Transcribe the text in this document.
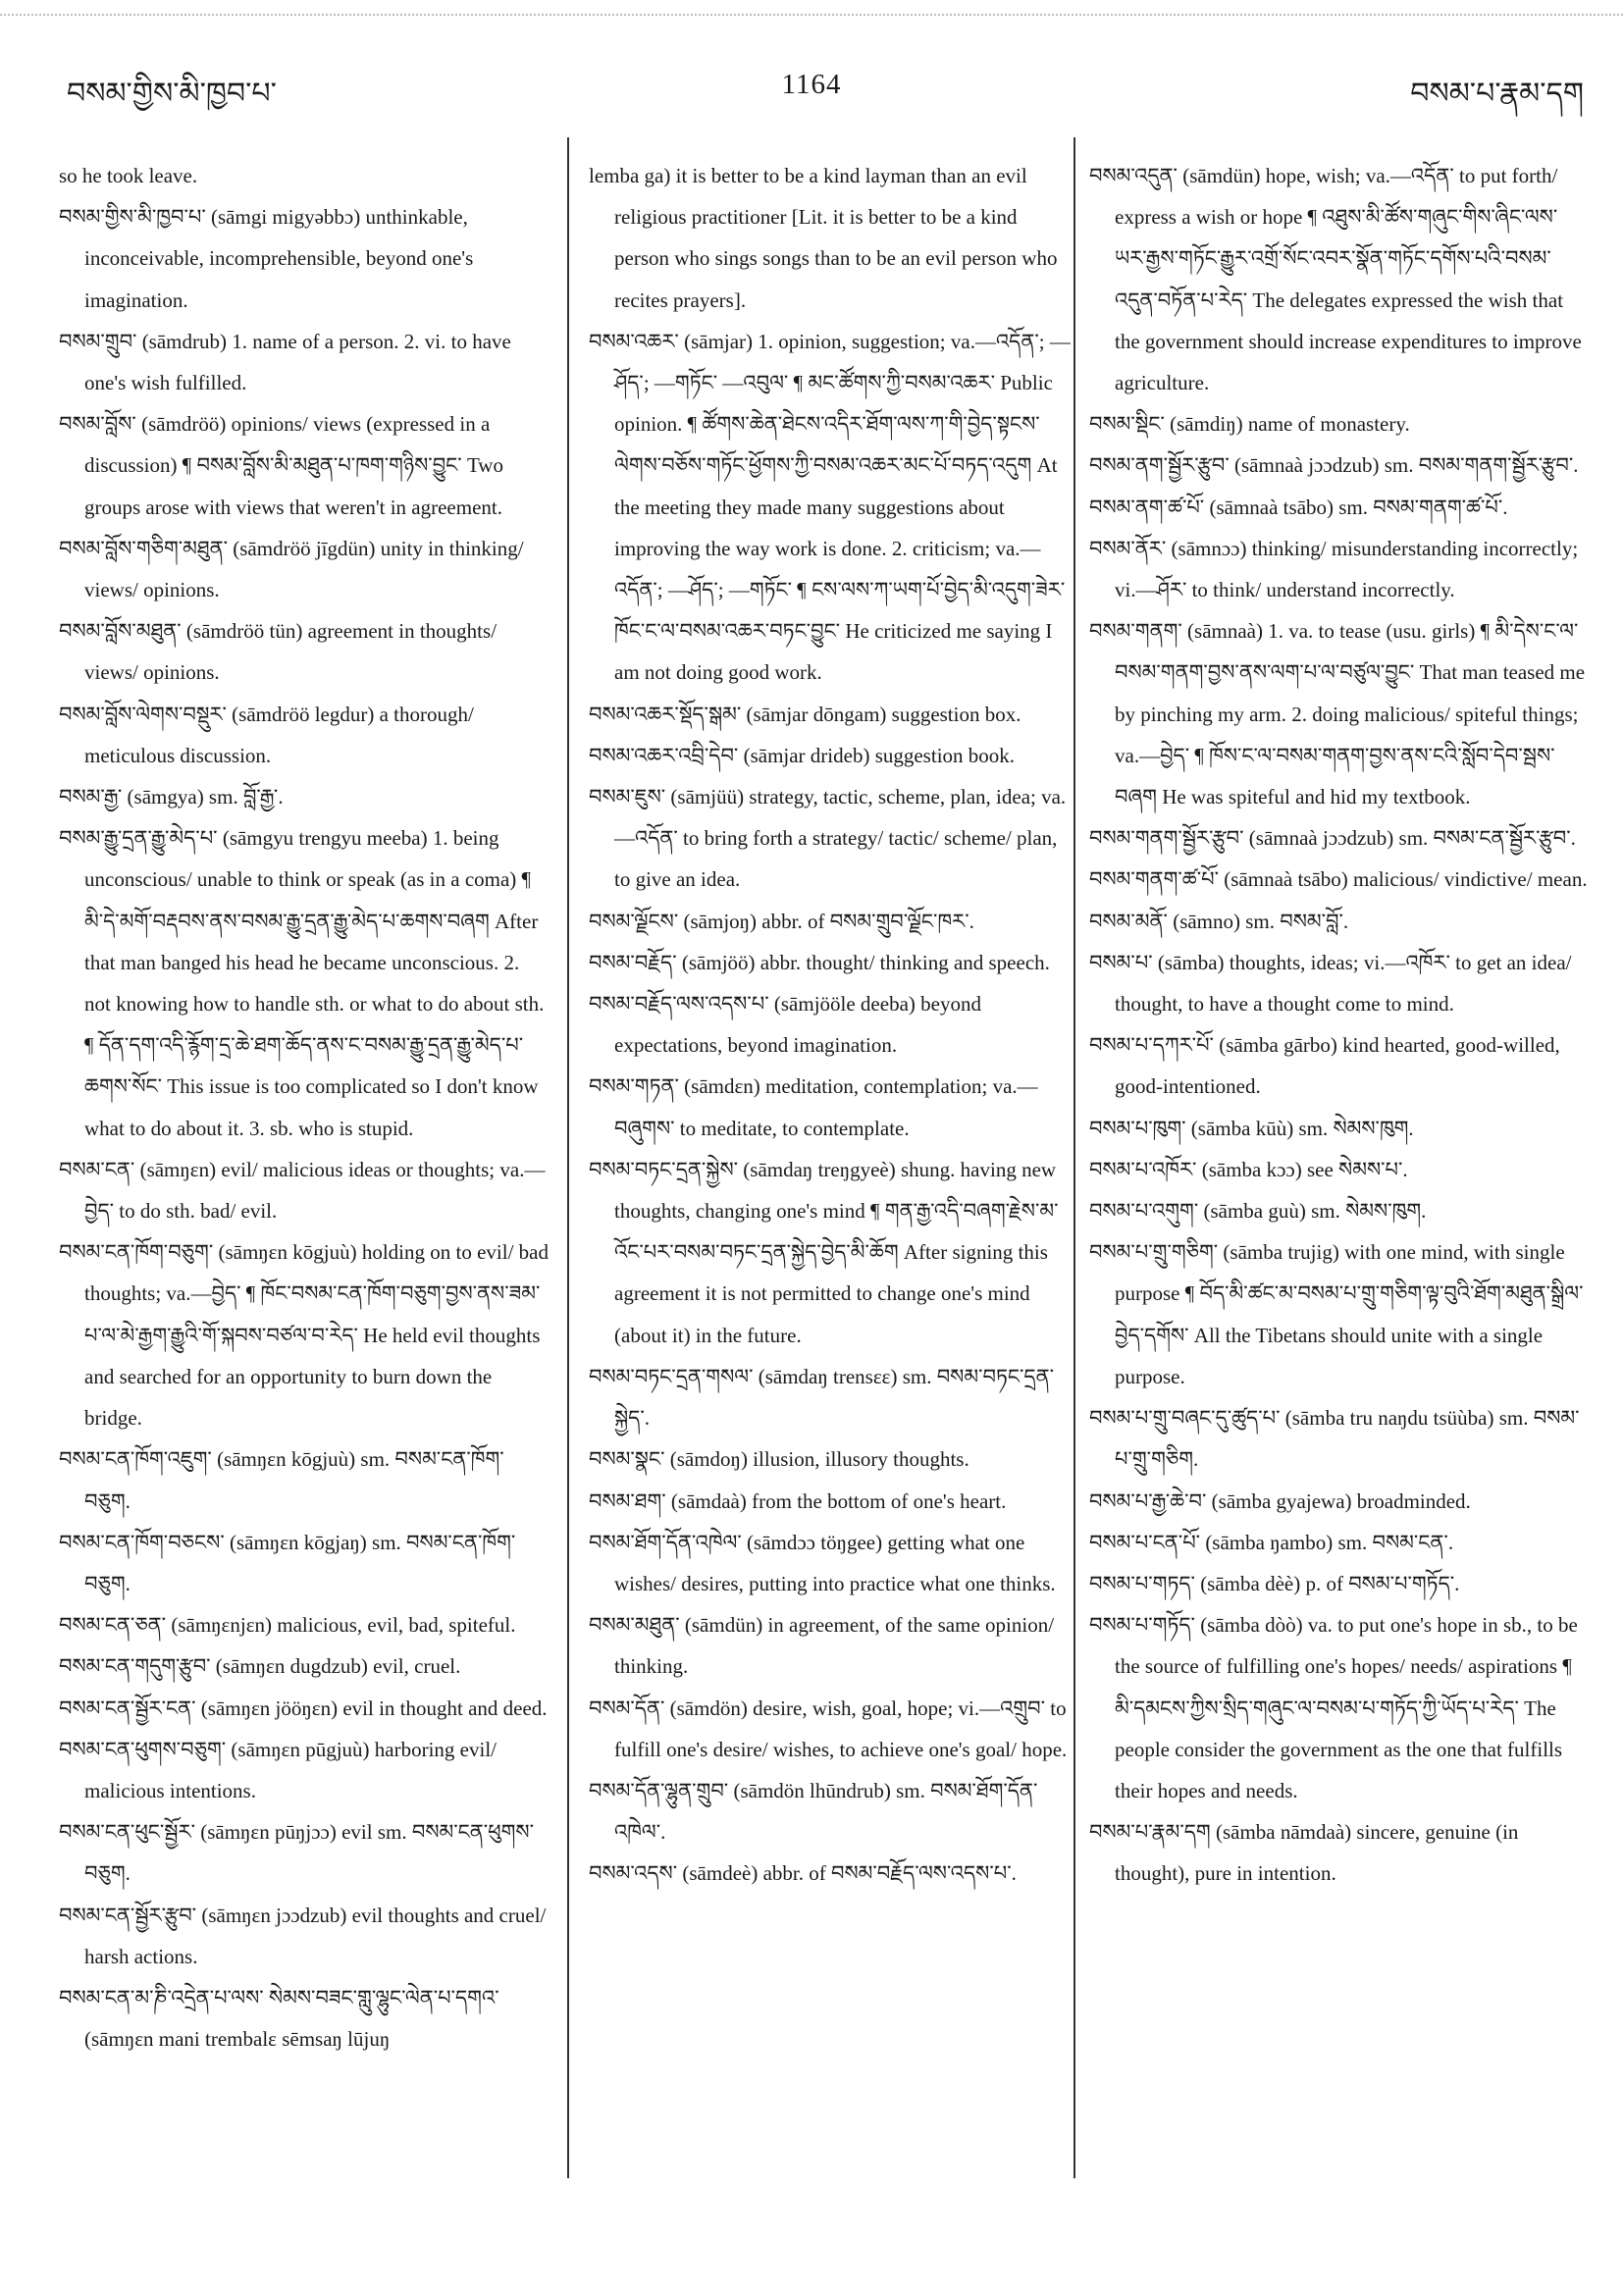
བསམ་གྱིས་མི་ཁྱབ་པ་	1164	བསམ་པ་རྣམ་དག

so he took leave.

བསམ་གྱིས་མི་ཁྱབ་པ་ (sāmgi migyəbbɔ) unthinkable, inconceivable, incomprehensible, beyond one's imagination.

བསམ་གྲུབ་ (sāmdrub) 1. name of a person. 2. vi. to have one's wish fulfilled.

བསམ་བློས་ (sāmdröö) opinions/ views (expressed in a discussion) ¶ བསམ་བློས་མི་མཐུན་པ་ཁག་གཉིས་བྱུང་ Two groups arose with views that weren't in agreement.

བསམ་བློས་གཅིག་མཐུན་ (sāmdröö jīgdün) unity in thinking/ views/ opinions.

བསམ་བློས་མཐུན་ (sāmdröö tün) agreement in thoughts/ views/ opinions.

བསམ་བློས་ལེགས་བསྡུར་ (sāmdröö legdur) a thorough/ meticulous discussion.

བསམ་རྒྱ་ (sāmgya) sm. བློ་རྒྱ་.

བསམ་རྒྱུ་དྲན་རྒྱུ་མེད་པ་ (sāmgyu trengyu meeba) 1. being unconscious/ unable to think or speak (as in a coma) ¶ མི་དེ་མགོ་བརྡབས་ནས་བསམ་རྒྱུ་དྲན་རྒྱུ་མེད་པ་ཆགས་བཞག After that man banged his head he became unconscious. 2. not knowing how to handle sth. or what to do about sth. ¶ དོན་དག་འདི་རྙོག་དྲ་ཆེ་ཐག་ཆོད་ནས་ང་བསམ་རྒྱུ་དྲན་རྒྱུ་མེད་པ་ཆགས་སོང་ This issue is too complicated so I don't know what to do about it. 3. sb. who is stupid.

བསམ་ངན་ (sāmŋɛn) evil/ malicious ideas or thoughts; va.—བྱེད་ to do sth. bad/ evil.

བསམ་ངན་ཁོག་བཅུག་ (sāmŋɛn kōgjuù) holding on to evil/ bad thoughts; va.—བྱེད་ ¶ ཁོང་བསམ་ངན་ཁོག་བཅུག་བྱས་ནས་ཟམ་པ་ལ་མེ་རྒྱག་རྒྱུའི་གོ་སྐབས་བཙལ་བ་རེད་ He held evil thoughts and searched for an opportunity to burn down the bridge.

བསམ་ངན་ཁོག་འཇུག་ (sāmŋɛn kōgjuù) sm. བསམ་ངན་ཁོག་བཅུག.

བསམ་ངན་ཁོག་བཅངས་ (sāmŋɛn kōgjaŋ) sm. བསམ་ངན་ཁོག་བཅུག.

བསམ་ངན་ཅན་ (sāmŋɛnjɛn) malicious, evil, bad, spiteful.

བསམ་ངན་གདུག་རྩུབ་ (sāmŋɛn dugdzub) evil, cruel.

བསམ་ངན་སྦྱོར་ངན་ (sāmŋɛn jööŋɛn) evil in thought and deed.

བསམ་ངན་ཕུགས་བཅུག་ (sāmŋɛn pūgjuù) harboring evil/ malicious intentions.

བསམ་ངན་ཕུང་སྦྱོར་ (sāmŋɛn pūŋjɔɔ) evil sm. བསམ་ངན་ཕུགས་བཅུག.

བསམ་ངན་སྦྱོར་རྩུབ་ (sāmŋɛn jɔɔdzub) evil thoughts and cruel/ harsh actions.

བསམ་ངན་མ་ཎི་འདྲེན་པ་ལས་ སེམས་བཟང་གླུ་ལྷུང་ལེན་པ་དགའ་ (sāmŋɛn mani trembalɛ sēmsaŋ lūjuŋ

lemba ga) it is better to be a kind layman than an evil religious practitioner [Lit. it is better to be a kind person who sings songs than to be an evil person who recites prayers].

བསམ་འཆར་ (sāmjar) 1. opinion, suggestion; va.—འདོན་; —ཤོད་; —གཏོང་ —འབུལ་ ¶ མང་ཚོགས་ཀྱི་བསམ་འཆར་ Public opinion. ¶ ཚོགས་ཆེན་ཐེངས་འདིར་ཐོག་ལས་ཀ་གི་བྱེད་སྟངས་ལེགས་བཅོས་གཏོང་ཕྱོགས་ཀྱི་བསམ་འཆར་མང་པོ་བཏད་འདུག At the meeting they made many suggestions about improving the way work is done. 2. criticism; va.—འདོན་; —ཤོད་; —གཏོང་ ¶ ངས་ལས་ཀ་ཡག་པོ་བྱེད་མི་འདུག་ཟེར་ཁོང་ང་ལ་བསམ་འཆར་བཏང་བྱུང་ He criticized me saying I am not doing good work.

བསམ་འཆར་སྡོད་སྒམ་ (sāmjar dōngam) suggestion box.

བསམ་འཆར་འབྲི་དེབ་ (sāmjar drideb) suggestion book.

བསམ་ཇུས་ (sāmjüü) strategy, tactic, scheme, plan, idea; va.—འདོན་ to bring forth a strategy/ tactic/ scheme/ plan, to give an idea.

བསམ་ལྗོངས་ (sāmjoŋ) abbr. of བསམ་གྲུབ་ལྗོང་ཁར་.

བསམ་བརྗོད་ (sāmjöö) abbr. thought/ thinking and speech.

བསམ་བརྗོད་ལས་འདས་པ་ (sāmjööle deeba) beyond expectations, beyond imagination.

བསམ་གཏན་ (sāmdɛn) meditation, contemplation; va.—བཞུགས་ to meditate, to contemplate.

བསམ་བཏང་དྲན་སྐྱེས་ (sāmdaŋ treŋgyeè) shung. having new thoughts, changing one's mind ¶ གན་རྒྱ་འདི་བཞག་རྗེས་མ་འོང་པར་བསམ་བཏང་དྲན་སྐྱེད་བྱེད་མི་ཆོག After signing this agreement it is not permitted to change one's mind (about it) in the future.

བསམ་བཏང་དྲན་གསལ་ (sāmdaŋ trensɛɛ) sm. བསམ་བཏང་དྲན་སྐྱེད་.

བསམ་སྣང་ (sāmdoŋ) illusion, illusory thoughts.

བསམ་ཐག་ (sāmdaà) from the bottom of one's heart.

བསམ་ཐོག་དོན་འཁེལ་ (sāmdɔɔ töŋgee) getting what one wishes/ desires, putting into practice what one thinks.

བསམ་མཐུན་ (sāmdün) in agreement, of the same opinion/ thinking.

བསམ་དོན་ (sāmdön) desire, wish, goal, hope; vi.—འགྲུབ་ to fulfill one's desire/ wishes, to achieve one's goal/ hope.

བསམ་དོན་ལྷུན་གྲུབ་ (sāmdön lhūndrub) sm. བསམ་ཐོག་དོན་འཁེལ་.

བསམ་འདས་ (sāmdeè) abbr. of བསམ་བརྗོད་ལས་འདས་པ་.

བསམ་འདུན་ (sāmdün) hope, wish; va.—འདོན་ to put forth/ express a wish or hope ¶ འཐུས་མི་ཚོས་གཞུང་གིས་ཞིང་ལས་ཡར་རྒྱས་གཏོང་རྒྱུར་འགྲོ་སོང་འབར་སྣོན་གཏོང་དགོས་པའི་བསམ་འདུན་བཏོན་པ་རེད་ The delegates expressed the wish that the government should increase expenditures to improve agriculture.

བསམ་སྡིང་ (sāmdiŋ) name of monastery.

བསམ་ནག་སྦྱོར་རྩུབ་ (sāmnaà jɔɔdzub) sm. བསམ་གནག་སྦྱོར་རྩུབ་.

བསམ་ནག་ཚ་པོ་ (sāmnaà tsābo) sm. བསམ་གནག་ཚ་པོ་.

བསམ་ནོར་ (sāmnɔɔ) thinking/ misunderstanding incorrectly; vi.—ཤོར་ to think/ understand incorrectly.

བསམ་གནག་ (sāmnaà) 1. va. to tease (usu. girls) ¶ མི་དེས་ང་ལ་བསམ་གནག་བྱས་ནས་ལག་པ་ལ་བཙུལ་བྱུང་ That man teased me by pinching my arm. 2. doing malicious/ spiteful things; va.—བྱེད་ ¶ ཁོས་ང་ལ་བསམ་གནག་བྱས་ནས་ངའི་སློབ་དེབ་སྦས་བཞག He was spiteful and hid my textbook.

བསམ་གནག་སྦྱོར་རྩུབ་ (sāmnaà jɔɔdzub) sm. བསམ་ངན་སྦྱོར་རྩུབ་.

བསམ་གནག་ཚ་པོ་ (sāmnaà tsābo) malicious/ vindictive/ mean.

བསམ་མནོ་ (sāmno) sm. བསམ་བློ་.

བསམ་པ་ (sāmba) thoughts, ideas; vi.—འཁོར་ to get an idea/ thought, to have a thought come to mind.

བསམ་པ་དཀར་པོ་ (sāmba gārbo) kind hearted, good-willed, good-intentioned.

བསམ་པ་ཁུག་ (sāmba kūù) sm. སེམས་ཁུག.

བསམ་པ་འཁོར་ (sāmba kɔɔ) see སེམས་པ་.

བསམ་པ་འགུག་ (sāmba guù) sm. སེམས་ཁུག.

བསམ་པ་གྲུ་གཅིག་ (sāmba trujig) with one mind, with single purpose ¶ བོད་མི་ཚང་མ་བསམ་པ་གྲུ་གཅིག་ལྟ་བུའི་ཐོག་མཐུན་སྒྲིལ་བྱེད་དགོས་ All the Tibetans should unite with a single purpose.

བསམ་པ་གྲུ་བཞང་དུ་ཚུད་པ་ (sāmba tru naŋdu tsüùba) sm. བསམ་པ་གྲུ་གཅིག.

བསམ་པ་རྒྱ་ཆེ་བ་ (sāmba gyajewa) broadminded.

བསམ་པ་ངན་པོ་ (sāmba ŋambo) sm. བསམ་ངན་.

བསམ་པ་གཏད་ (sāmba dèè) p. of བསམ་པ་གཏོད་.

བསམ་པ་གཏོད་ (sāmba dòò) va. to put one's hope in sb., to be the source of fulfilling one's hopes/ needs/ aspirations ¶ མི་དམངས་ཀྱིས་སྲིད་གཞུང་ལ་བསམ་པ་གཏོད་ཀྱི་ཡོད་པ་རེད་ The people consider the government as the one that fulfills their hopes and needs.

བསམ་པ་རྣམ་དག (sāmba nāmdaà) sincere, genuine (in thought), pure in intention.
